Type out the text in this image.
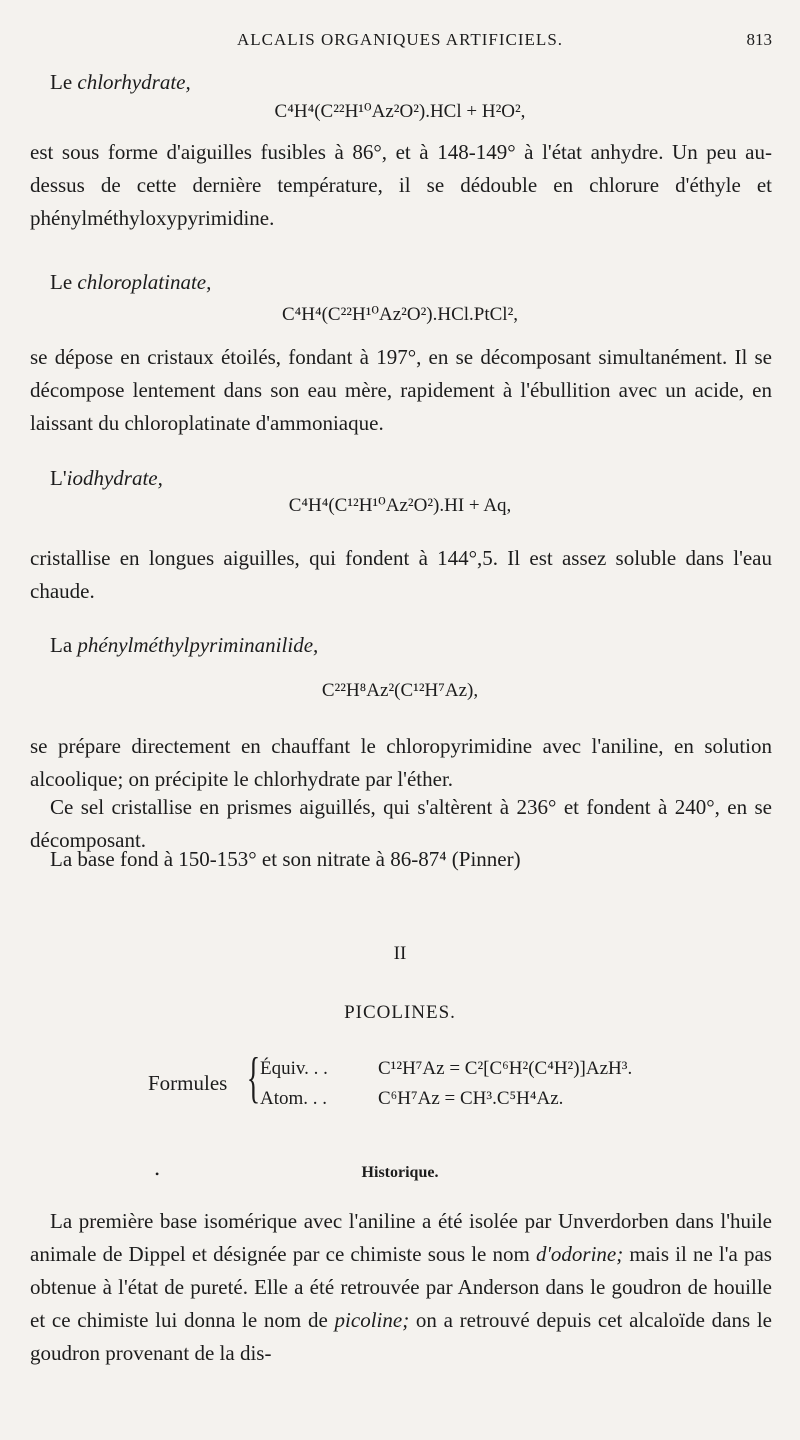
ALCALIS ORGANIQUES ARTIFICIELS.	813
Le chlorhydrate,
C⁴H⁴(C²²H¹⁰Az²O²).HCl + H²O²,

est sous forme d'aiguilles fusibles à 86°, et à 148-149° à l'état anhydre. Un peu au-dessus de cette dernière température, il se dédouble en chlorure d'éthyle et phénylméthyloxypyrimidine.

Le chloroplatinate,
C⁴H⁴(C²²H¹⁰Az²O²).HCl.PtCl²,

se dépose en cristaux étoilés, fondant à 197°, en se décomposant simultanément. Il se décompose lentement dans son eau mère, rapidement à l'ébullition avec un acide, en laissant du chloroplatinate d'ammoniaque.

L'iodhydrate,
C⁴H⁴(C¹²H¹⁰Az²O²).HI + Aq,

cristallise en longues aiguilles, qui fondent à 144°,5. Il est assez soluble dans l'eau chaude.

La phénylméthylpyriminanilide,
C²²H⁸Az²(C¹²H⁷Az),

se prépare directement en chauffant le chloropyrimidine avec l'aniline, en solution alcoolique; on précipite le chlorhydrate par l'éther.

Ce sel cristallise en prismes aiguillés, qui s'altèrent à 236° et fondent à 240°, en se décomposant.

La base fond à 150-153° et son nitrate à 86-87⁴ (Pinner)

II
PICOLINES.
Formules { Équiv. . .	C¹²H⁷Az = C²[C⁶H²(C⁴H²)]AzH³.
Atom. . .	C⁶H⁷Az = CH³.C⁵H⁴Az.
•	Historique.

La première base isomérique avec l'aniline a été isolée par Unverdorben dans l'huile animale de Dippel et désignée par ce chimiste sous le nom d'odorine; mais il ne l'a pas obtenue à l'état de pureté. Elle a été retrouvée par Anderson dans le goudron de houille et ce chimiste lui donna le nom de picoline; on a retrouvé depuis cet alcaloïde dans le goudron provenant de la dis-
